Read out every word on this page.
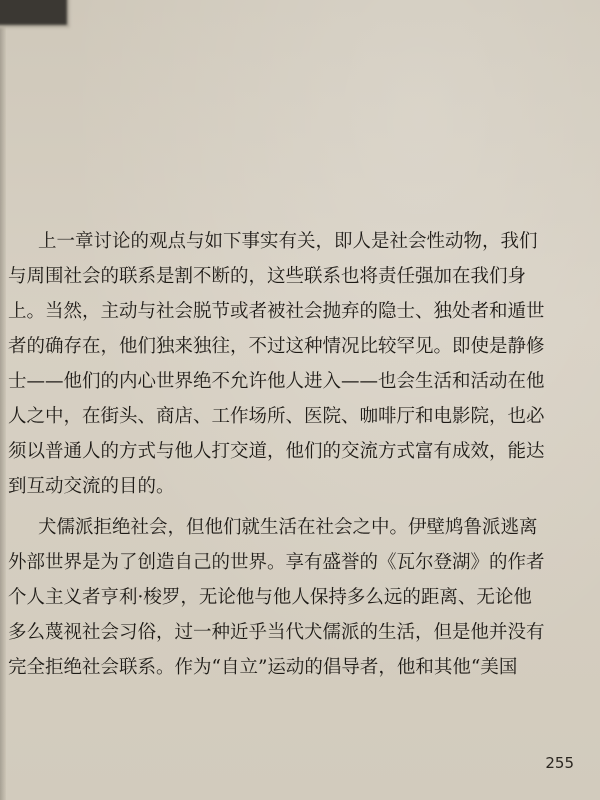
上一章讨论的观点与如下事实有关，即人是社会性动物，我们
与周围社会的联系是割不断的，这些联系也将责任强加在我们身
上。当然，主动与社会脱节或者被社会抛弃的隐士、独处者和遁世
者的确存在，他们独来独往，不过这种情况比较罕见。即使是静修
士——他们的内心世界绝不允许他人进入——也会生活和活动在他
人之中，在街头、商店、工作场所、医院、咖啡厅和电影院，也必
须以普通人的方式与他人打交道，他们的交流方式富有成效，能达
到互动交流的目的。
犬儒派拒绝社会，但他们就生活在社会之中。伊壁鸠鲁派逃离
外部世界是为了创造自己的世界。享有盛誉的《瓦尔登湖》的作者
个人主义者亨利·梭罗，无论他与他人保持多么远的距离、无论他
多么蔑视社会习俗，过一种近乎当代犬儒派的生活，但是他并没有
完全拒绝社会联系。作为“自立”运动的倡导者，他和其他“美国
255
